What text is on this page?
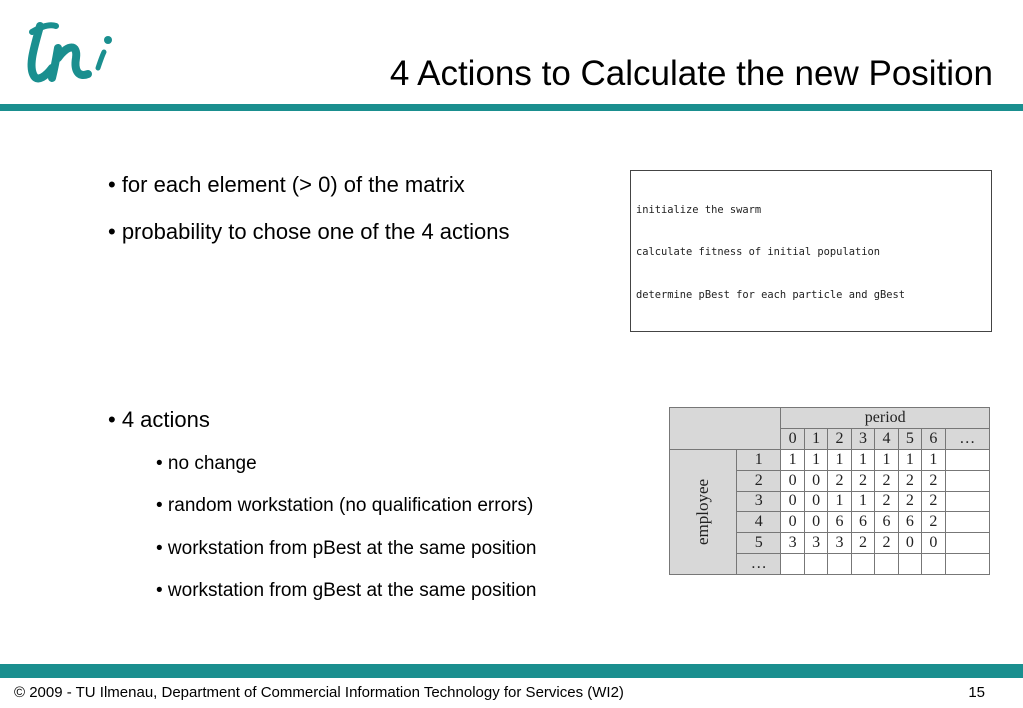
4 Actions to Calculate the new Position
• for each element (> 0) of the matrix
• probability to chose one of the 4 actions

initialize the swarm

calculate fitness of initial population

determine pBest for each particle and gBest

• 4 actions
• no change
• random workstation (no qualification errors)
• workstation from pBest at the same position
• workstation from gBest at the same position
		period							
		0	1	2	3	4	5	6	…
employee	1	1	1	1	1	1	1	1	
	2	0	0	2	2	2	2	2	
	3	0	0	1	1	2	2	2	
	4	0	0	6	6	6	6	2	
	5	3	3	3	2	2	0	0	
	…								
© 2009 - TU Ilmenau, Department of Commercial Information Technology for Services (WI2)	15
